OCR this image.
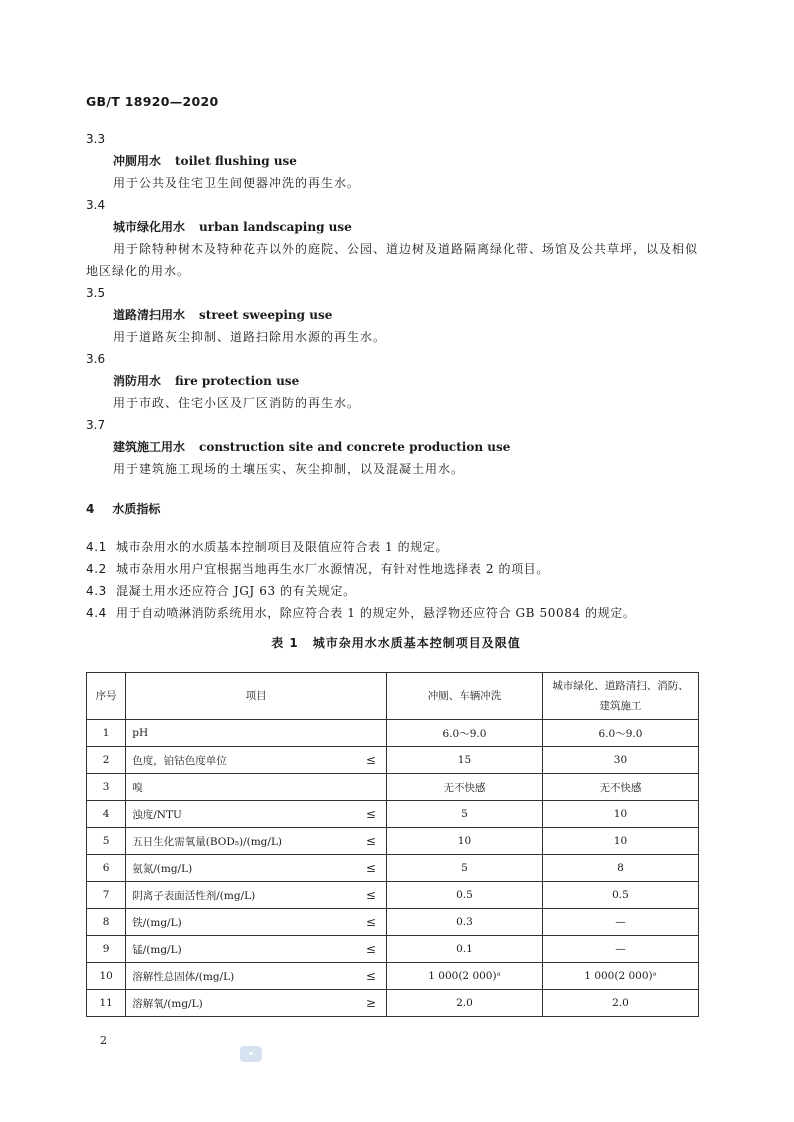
GB/T 18920—2020
3.3
冲厕用水 toilet flushing use
用于公共及住宅卫生间便器冲洗的再生水。
3.4
城市绿化用水 urban landscaping use
用于除特种树木及特种花卉以外的庭院、公园、道边树及道路隔离绿化带、场馆及公共草坪，以及相似地区绿化的用水。
3.5
道路清扫用水 street sweeping use
用于道路灰尘抑制、道路扫除用水源的再生水。
3.6
消防用水 fire protection use
用于市政、住宅小区及厂区消防的再生水。
3.7
建筑施工用水 construction site and concrete production use
用于建筑施工现场的土壤压实、灰尘抑制，以及混凝土用水。
4 水质指标
4.1 城市杂用水的水质基本控制项目及限值应符合表 1 的规定。
4.2 城市杂用水用户宜根据当地再生水厂水源情况，有针对性地选择表 2 的项目。
4.3 混凝土用水还应符合 JGJ 63 的有关规定。
4.4 用于自动喷淋消防系统用水，除应符合表 1 的规定外，悬浮物还应符合 GB 50084 的规定。
表 1 城市杂用水水质基本控制项目及限值
序号	项目	冲厕、车辆冲洗	城市绿化、道路清扫、消防、建筑施工
1	pH	6.0～9.0	6.0～9.0
2	色度，铂钴色度单位 ≤	15	30
3	嗅	无不快感	无不快感
4	浊度/NTU ≤	5	10
5	五日生化需氧量(BOD₅)/(mg/L) ≤	10	10
6	氨氮/(mg/L) ≤	5	8
7	阴离子表面活性剂/(mg/L) ≤	0.5	0.5
8	铁/(mg/L) ≤	0.3	—
9	锰/(mg/L) ≤	0.1	—
10	溶解性总固体/(mg/L) ≤	1 000(2 000)ᵃ	1 000(2 000)ᵃ
11	溶解氧/(mg/L) ≥	2.0	2.0
2
▪
